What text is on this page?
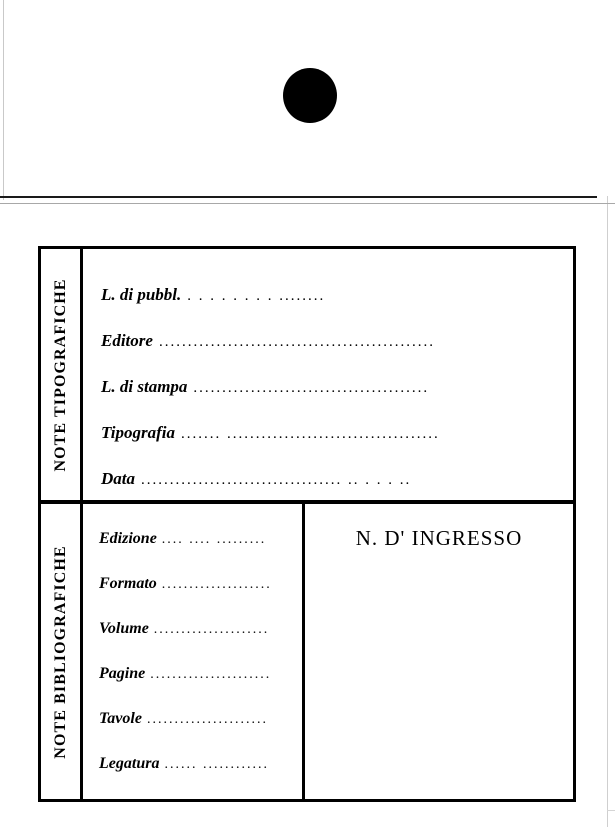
NOTE TIPOGRAFICHE L. di pubbl. . . . . . . . . ........
Editore ................................................
L. di stampa .........................................
Tipografia ....... .....................................
Data ................................... .. . . . ..
NOTE BIBLIOGRAFICHE
Edizione .... .... .........
Formato ....................
Volume .....................
Pagine ......................
Tavole ......................
Legatura ...... ............
N. D' INGRESSO
